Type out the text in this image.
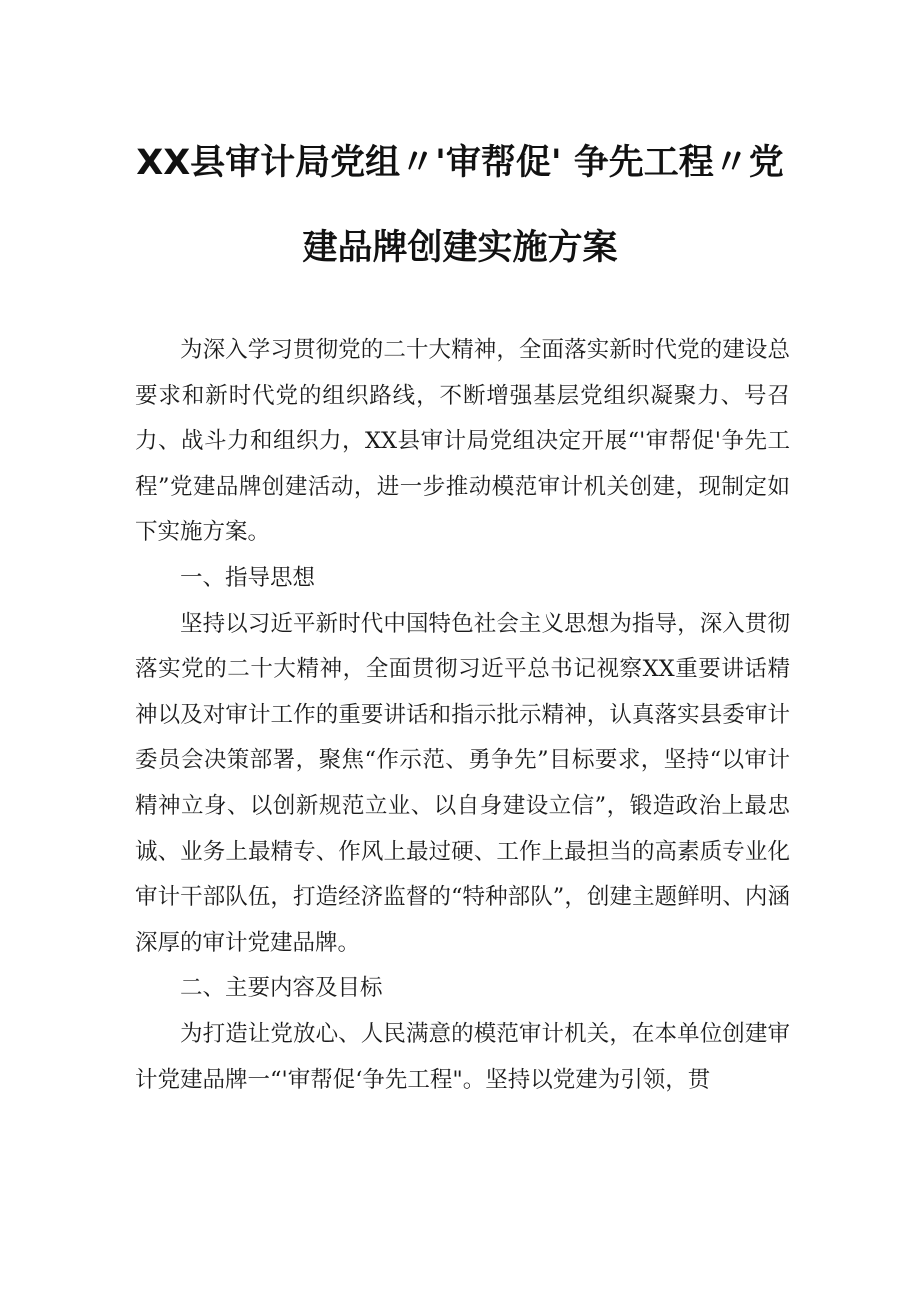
XX县审计局党组〃'审帮促' 争先工程〃党
建品牌创建实施方案

为深入学习贯彻党的二十大精神，全面落实新时代党的建设总要求和新时代党的组织路线，不断增强基层党组织凝聚力、号召力、战斗力和组织力，XX县审计局党组决定开展“'审帮促'争先工程”党建品牌创建活动，进一步推动模范审计机关创建，现制定如下实施方案。

一、指导思想

坚持以习近平新时代中国特色社会主义思想为指导，深入贯彻落实党的二十大精神，全面贯彻习近平总书记视察XX重要讲话精神以及对审计工作的重要讲话和指示批示精神，认真落实县委审计委员会决策部署，聚焦“作示范、勇争先”目标要求，坚持“以审计精神立身、以创新规范立业、以自身建设立信”，锻造政治上最忠诚、业务上最精专、作风上最过硬、工作上最担当的高素质专业化审计干部队伍，打造经济监督的“特种部队”，创建主题鲜明、内涵深厚的审计党建品牌。

二、主要内容及目标

为打造让党放心、人民满意的模范审计机关，在本单位创建审计党建品牌一“'审帮促‘争先工程"。坚持以党建为引领，贯
